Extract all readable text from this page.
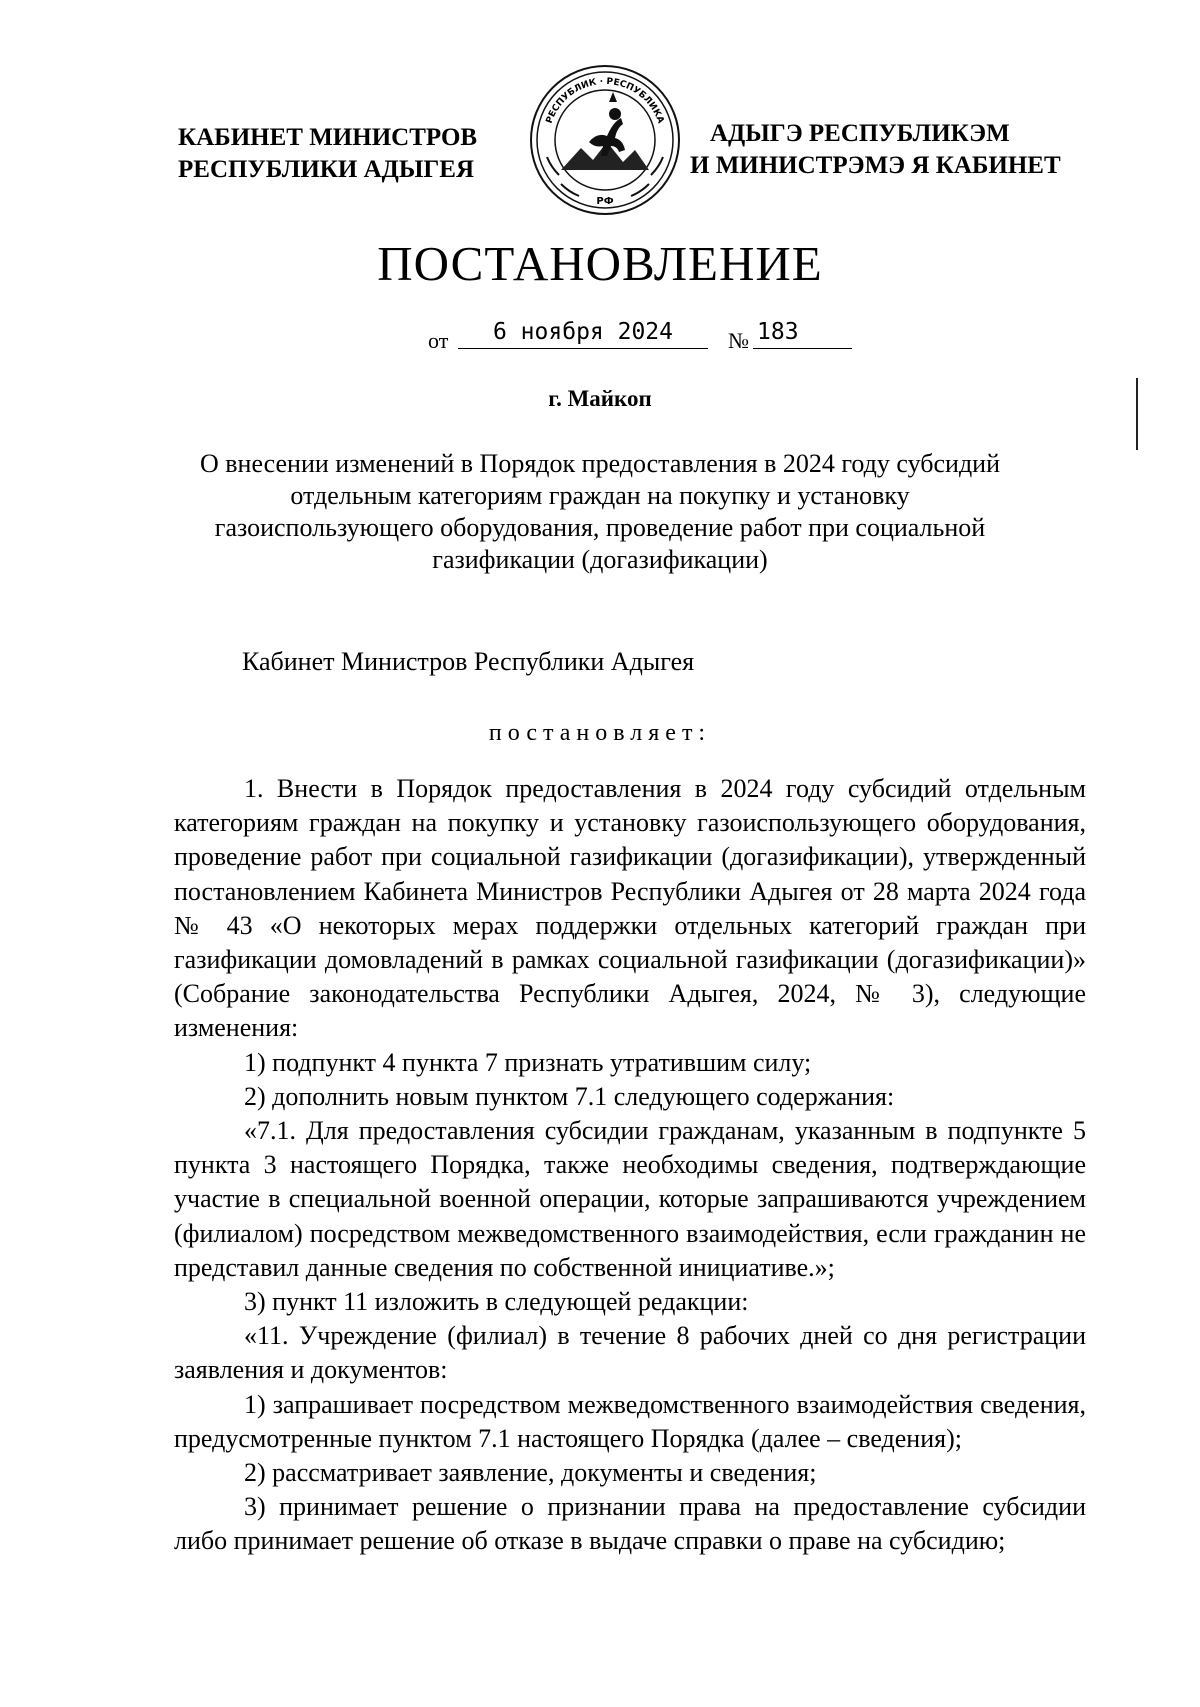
КАБИНЕТ МИНИСТРОВ
РЕСПУБЛИКИ АДЫГЕЯ
РЕСПУБЛИК · РЕСПУБЛИКА
РФ
АДЫГЭ РЕСПУБЛИКЭМ
И МИНИСТРЭМЭ Я КАБИНЕТ
ПОСТАНОВЛЕНИЕ
от	6 ноября 2024	№ 183
г. Майкоп
О внесении изменений в Порядок предоставления в 2024 году субсидий
отдельным категориям граждан на покупку и установку
газоиспользующего оборудования, проведение работ при социальной
газификации (догазификации)
Кабинет Министров Республики Адыгея
постановляет:

1. Внести в Порядок предоставления в 2024 году субсидий отдельным категориям граждан на покупку и установку газоиспользующего оборудования, проведение работ при социальной газификации (догазификации), утвержденный постановлением Кабинета Министров Республики Адыгея от 28 марта 2024 года № 43 «О некоторых мерах поддержки отдельных категорий граждан при газификации домовладений в рамках социальной газификации (догазификации)» (Собрание законодательства Республики Адыгея, 2024, № 3), следующие изменения:

1) подпункт 4 пункта 7 признать утратившим силу;

2) дополнить новым пунктом 7.1 следующего содержания:

«7.1. Для предоставления субсидии гражданам, указанным в подпункте 5 пункта 3 настоящего Порядка, также необходимы сведения, подтверждающие участие в специальной военной операции, которые запрашиваются учреждением (филиалом) посредством межведомственного взаимодействия, если гражданин не представил данные сведения по собственной инициативе.»;

3) пункт 11 изложить в следующей редакции:

«11. Учреждение (филиал) в течение 8 рабочих дней со дня регистрации заявления и документов:

1) запрашивает посредством межведомственного взаимодействия сведения, предусмотренные пунктом 7.1 настоящего Порядка (далее – сведения);

2) рассматривает заявление, документы и сведения;

3) принимает решение о признании права на предоставление субсидии либо принимает решение об отказе в выдаче справки о праве на субсидию;
